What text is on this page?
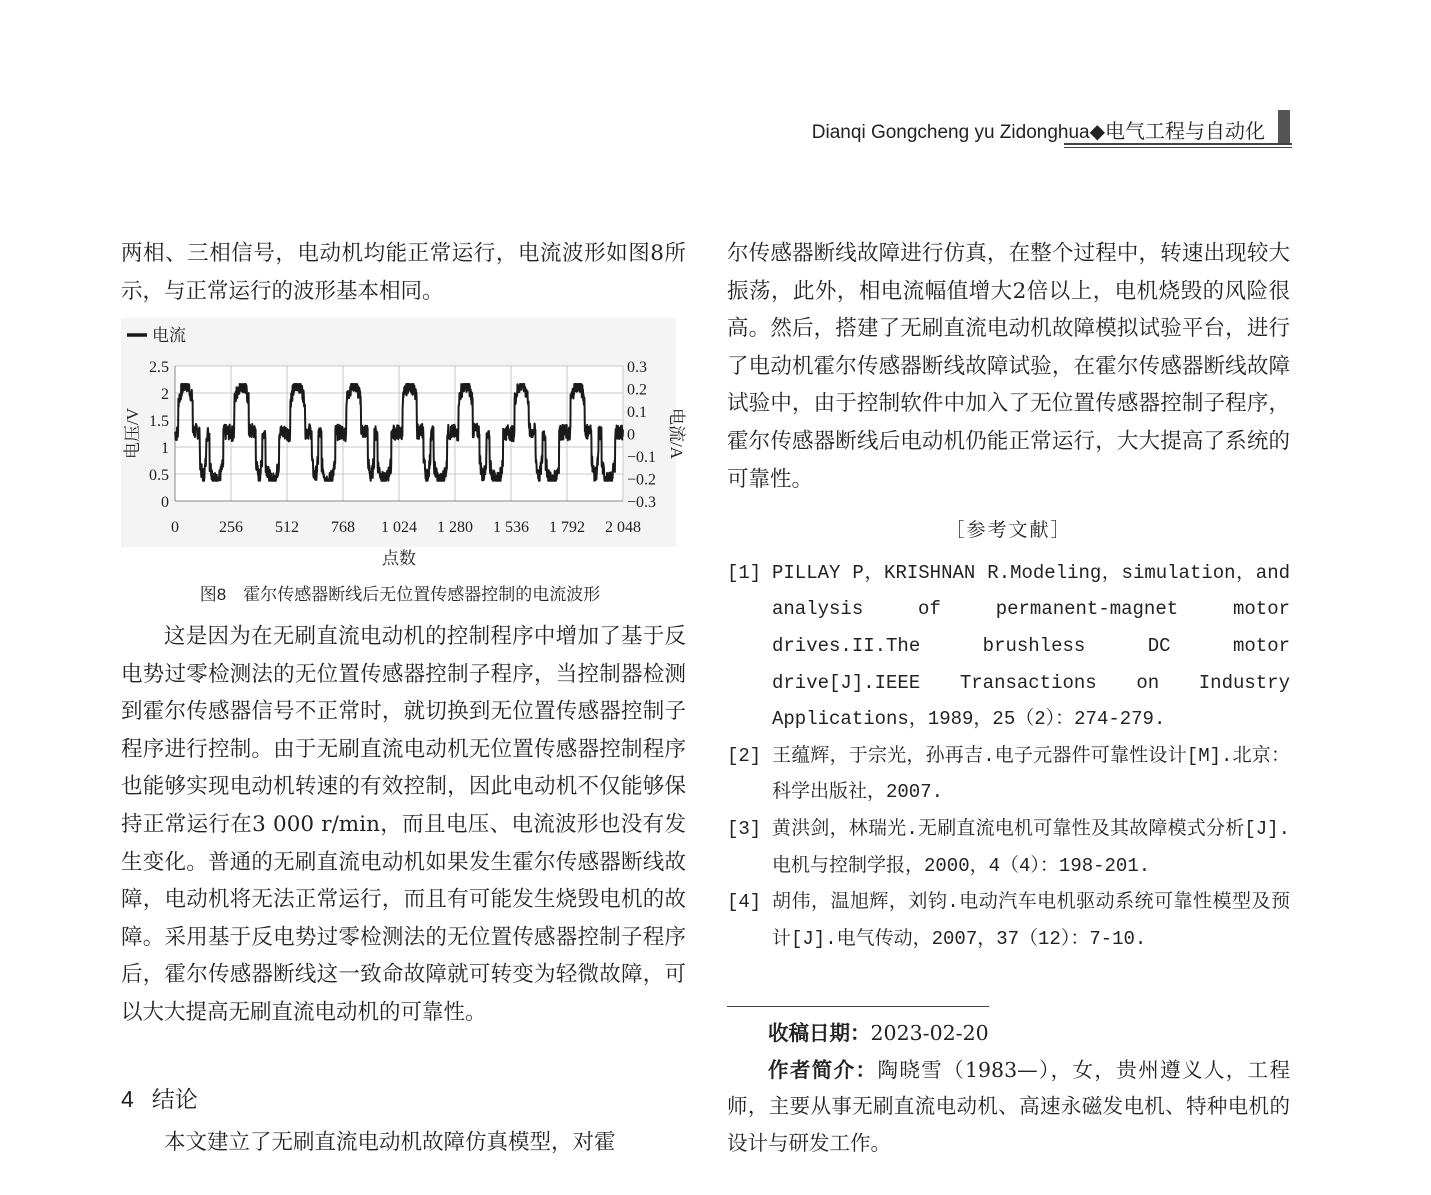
Dianqi Gongcheng yu Zidonghua◆电气工程与自动化

两相、三相信号，电动机均能正常运行，电流波形如图8所示，与正常运行的波形基本相同。

2.5
2
1.5
1
0.5
0
0	256 512 768 1 024 1 280 1 536 1 792 2 048
0.3
0.2
0.1
0
−0.1
−0.2
−0.3
电压/V	电流/A
点数
电流
图8　霍尔传感器断线后无位置传感器控制的电流波形

这是因为在无刷直流电动机的控制程序中增加了基于反电势过零检测法的无位置传感器控制子程序，当控制器检测到霍尔传感器信号不正常时，就切换到无位置传感器控制子程序进行控制。由于无刷直流电动机无位置传感器控制程序也能够实现电动机转速的有效控制，因此电动机不仅能够保持正常运行在3 000 r/min，而且电压、电流波形也没有发生变化。普通的无刷直流电动机如果发生霍尔传感器断线故障，电动机将无法正常运行，而且有可能发生烧毁电机的故障。采用基于反电势过零检测法的无位置传感器控制子程序后，霍尔传感器断线这一致命故障就可转变为轻微故障，可以大大提高无刷直流电动机的可靠性。

4 结论

本文建立了无刷直流电动机故障仿真模型，对霍

尔传感器断线故障进行仿真，在整个过程中，转速出现较大振荡，此外，相电流幅值增大2倍以上，电机烧毁的风险很高。然后，搭建了无刷直流电动机故障模拟试验平台，进行了电动机霍尔传感器断线故障试验，在霍尔传感器断线故障试验中，由于控制软件中加入了无位置传感器控制子程序，霍尔传感器断线后电动机仍能正常运行，大大提高了系统的可靠性。

［参考文献］
[1] PILLAY P，KRISHNAN R.Modeling，simulation，and analysis of permanent-magnet motor drives.II.The brushless DC motor drive[J].IEEE Transactions on Industry Applications，1989，25（2）：274-279.
[2] 王蕴辉，于宗光，孙再吉.电子元器件可靠性设计[M].北京：科学出版社，2007.
[3] 黄洪剑，林瑞光.无刷直流电机可靠性及其故障模式分析[J].电机与控制学报，2000，4（4）：198-201.
[4] 胡伟，温旭辉，刘钧.电动汽车电机驱动系统可靠性模型及预计[J].电气传动，2007，37（12）：7-10.

收稿日期：2023-02-20

作者简介：陶晓雪（1983—），女，贵州遵义人，工程师，主要从事无刷直流电动机、高速永磁发电机、特种电机的设计与研发工作。
